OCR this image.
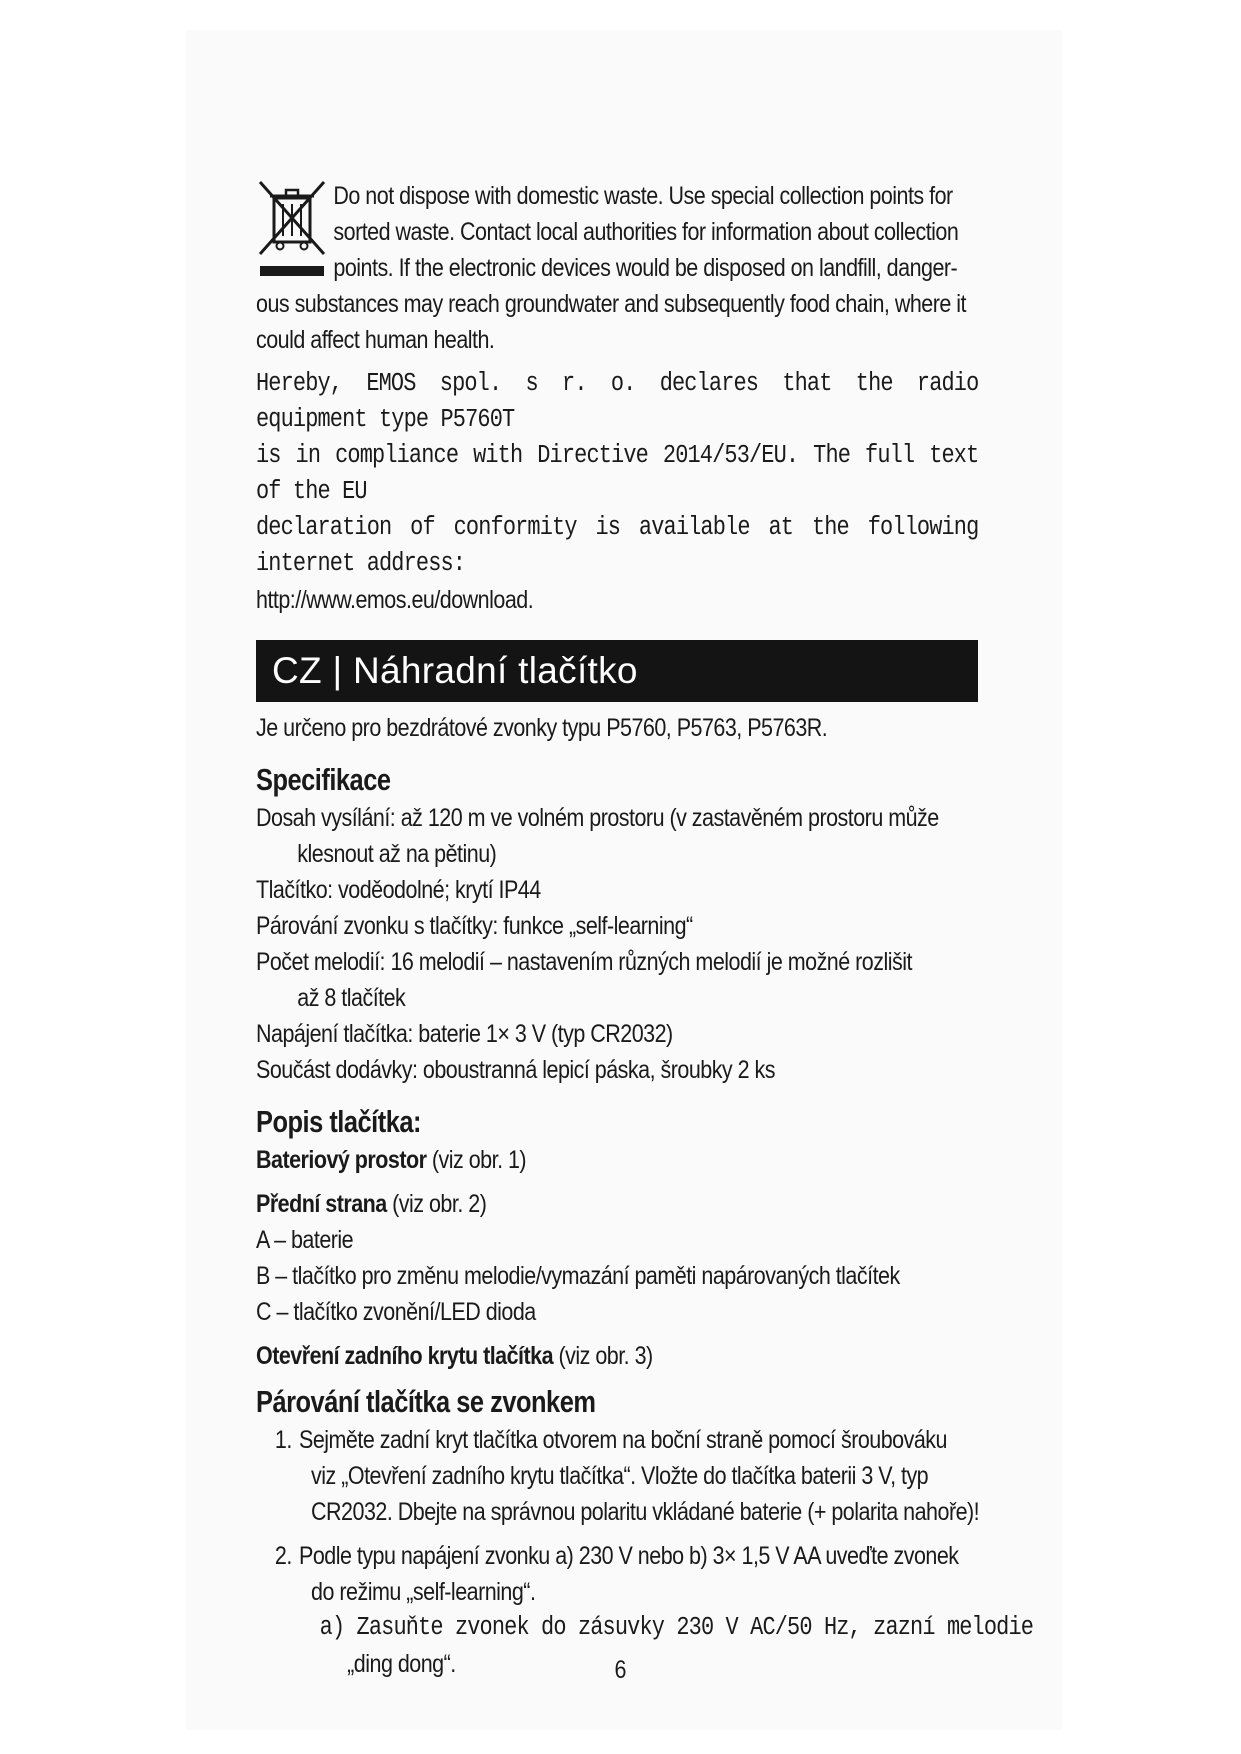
Do not dispose with domestic waste. Use special collection points for

sorted waste. Contact local authorities for information about collection

points. If the electronic devices would be disposed on landfill, danger-

ous substances may reach groundwater and subsequently food chain, where it

could affect human health.

Hereby, EMOS spol. s r. o. declares that the radio equipment type P5760T

is in compliance with Directive 2014/53/EU. The full text of the EU

declaration of conformity is available at the following internet address:

http://www.emos.eu/download.

CZ | Náhradní tlačítko

Je určeno pro bezdrátové zvonky typu P5760, P5763, P5763R.

Specifikace

Dosah vysílání: až 120 m ve volném prostoru (v zastavěném prostoru může

klesnout až na pětinu)

Tlačítko: voděodolné; krytí IP44

Párování zvonku s tlačítky: funkce „self-learning“

Počet melodií: 16 melodií – nastavením různých melodií je možné rozlišit

až 8 tlačítek

Napájení tlačítka: baterie 1× 3 V (typ CR2032)

Součást dodávky: oboustranná lepicí páska, šroubky 2 ks

Popis tlačítka:

Bateriový prostor (viz obr. 1)

Přední strana (viz obr. 2)

A – baterie

B – tlačítko pro změnu melodie/vymazání paměti napárovaných tlačítek

C – tlačítko zvonění/LED dioda

Otevření zadního krytu tlačítka (viz obr. 3)

Párování tlačítka se zvonkem

1. Sejměte zadní kryt tlačítka otvorem na boční straně pomocí šroubováku

viz „Otevření zadního krytu tlačítka“. Vložte do tlačítka baterii 3 V, typ

CR2032. Dbejte na správnou polaritu vkládané baterie (+ polarita nahoře)!

2. Podle typu napájení zvonku a) 230 V nebo b) 3× 1,5 V AA uveďte zvonek

do režimu „self-learning“.

a) Zasuňte zvonek do zásuvky 230 V AC/50 Hz, zazní melodie

„ding dong“.	6
